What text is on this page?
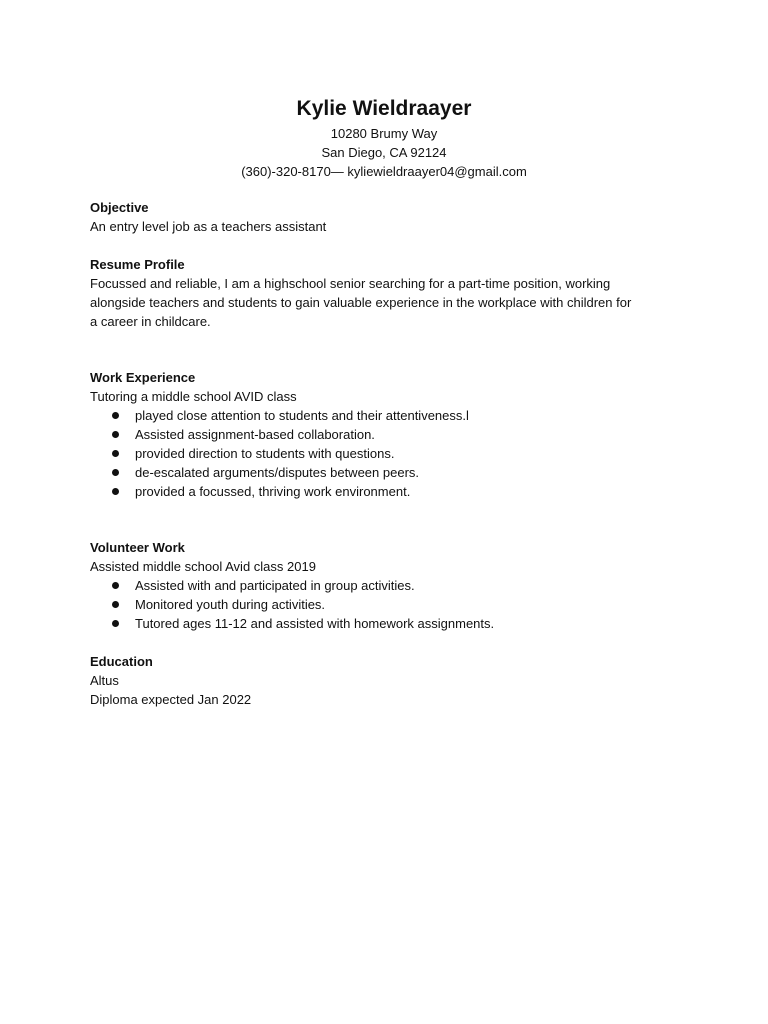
Kylie Wieldraayer

10280 Brumy Way

San Diego, CA 92124

(360)-320-8170— kyliewieldraayer04@gmail.com

Objective

An entry level job as a teachers assistant

Resume Profile

Focussed and reliable, I am a highschool senior searching for a part-time position, working

alongside teachers and students to gain valuable experience in the workplace with children for

a career in childcare.

Work Experience

Tutoring a middle school AVID class

played close attention to students and their attentiveness.l
Assisted assignment-based collaboration.
provided direction to students with questions.
de-escalated arguments/disputes between peers.
provided a focussed, thriving work environment.

Volunteer Work

Assisted middle school Avid class 2019

Assisted with and participated in group activities.
Monitored youth during activities.
Tutored ages 11-12 and assisted with homework assignments.

Education

Altus

Diploma expected Jan 2022
